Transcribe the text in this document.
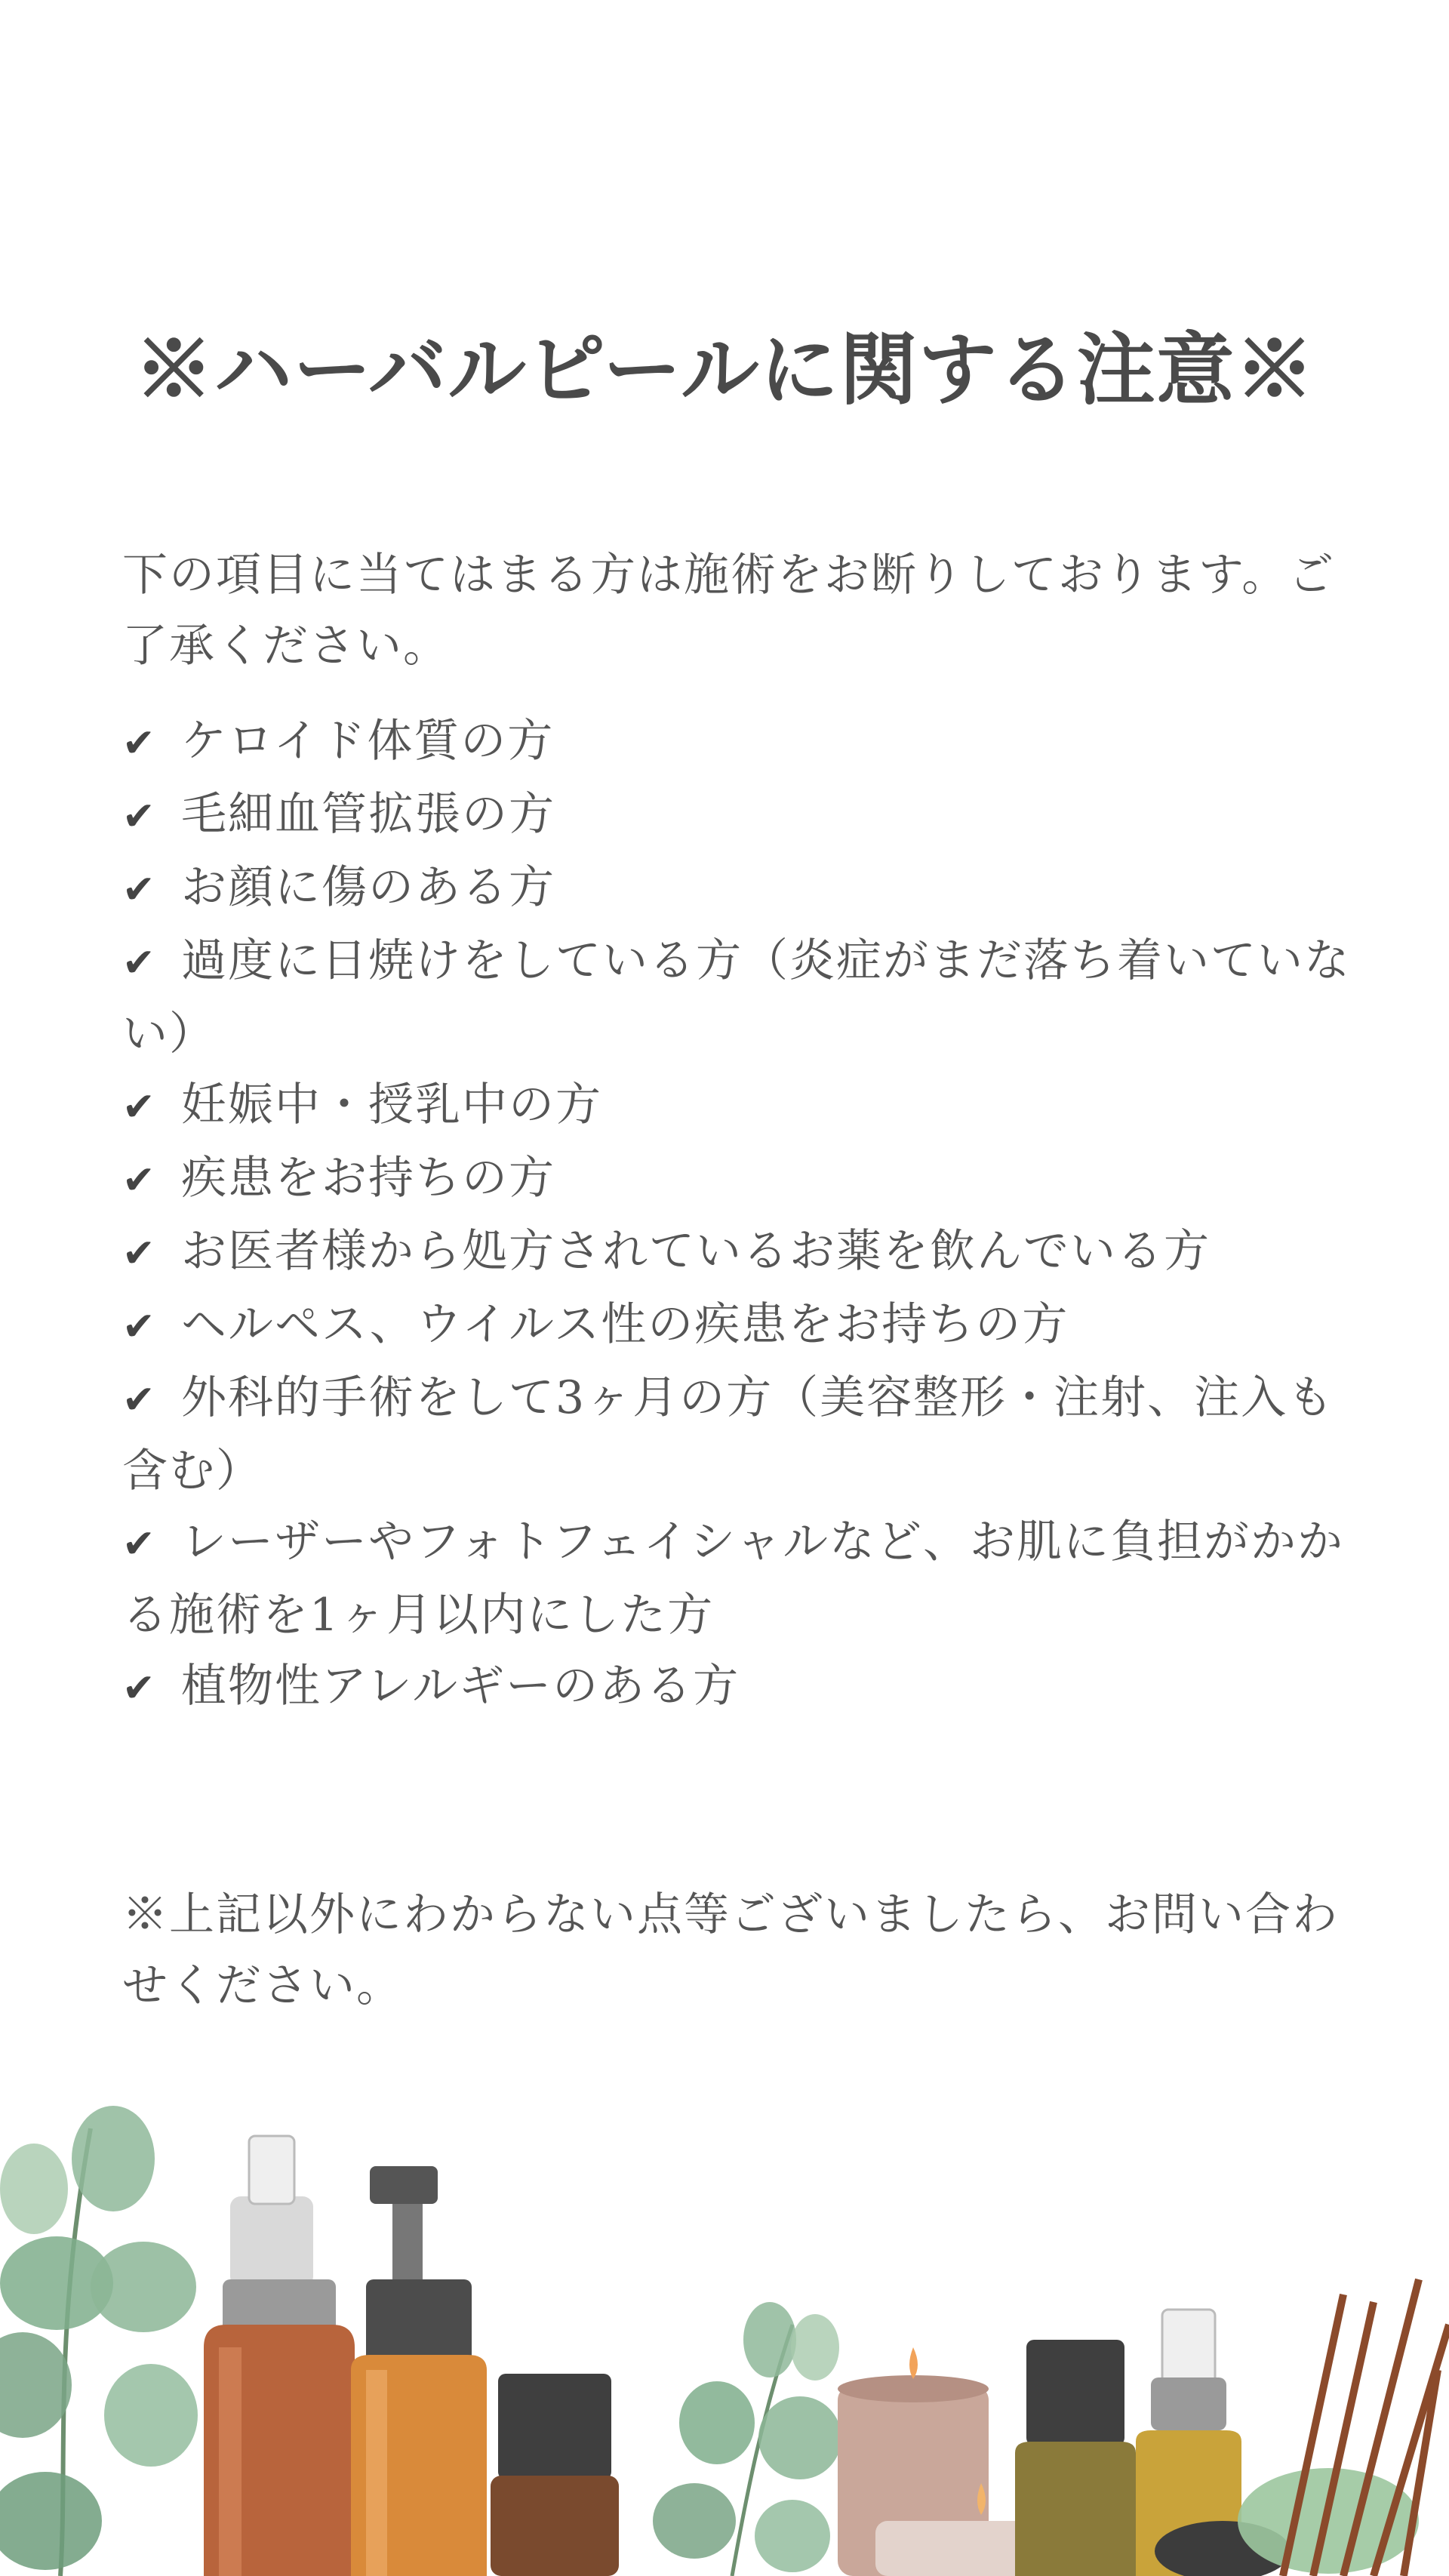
※ハーバルピールに関する注意※

下の項目に当てはまる方は施術をお断りしております。ご了承ください。

✔ ケロイド体質の方
✔ 毛細血管拡張の方
✔ お顔に傷のある方
✔ 過度に日焼けをしている方（炎症がまだ落ち着いていない）
✔ 妊娠中・授乳中の方
✔ 疾患をお持ちの方
✔ お医者様から処方されているお薬を飲んでいる方
✔ ヘルペス、ウイルス性の疾患をお持ちの方
✔ 外科的手術をして3ヶ月の方（美容整形・注射、注入も含む）
✔ レーザーやフォトフェイシャルなど、お肌に負担がかかる施術を1ヶ月以内にした方
✔ 植物性アレルギーのある方

※上記以外にわからない点等ございましたら、お問い合わせください。
